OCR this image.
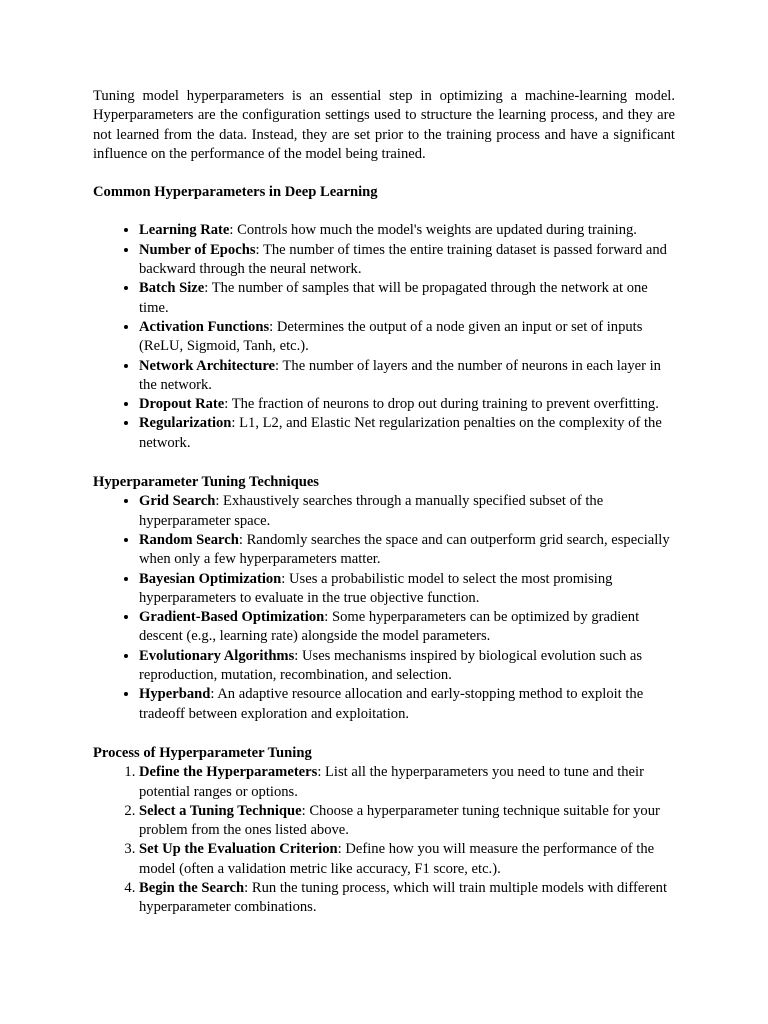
Tuning model hyperparameters is an essential step in optimizing a machine-learning model. Hyperparameters are the configuration settings used to structure the learning process, and they are not learned from the data. Instead, they are set prior to the training process and have a significant influence on the performance of the model being trained.

Common Hyperparameters in Deep Learning

• Learning Rate: Controls how much the model's weights are updated during training.
• Number of Epochs: The number of times the entire training dataset is passed forward and backward through the neural network.
• Batch Size: The number of samples that will be propagated through the network at one time.
• Activation Functions: Determines the output of a node given an input or set of inputs (ReLU, Sigmoid, Tanh, etc.).
• Network Architecture: The number of layers and the number of neurons in each layer in the network.
• Dropout Rate: The fraction of neurons to drop out during training to prevent overfitting.
• Regularization: L1, L2, and Elastic Net regularization penalties on the complexity of the network.

Hyperparameter Tuning Techniques

• Grid Search: Exhaustively searches through a manually specified subset of the hyperparameter space.
• Random Search: Randomly searches the space and can outperform grid search, especially when only a few hyperparameters matter.
• Bayesian Optimization: Uses a probabilistic model to select the most promising hyperparameters to evaluate in the true objective function.
• Gradient-Based Optimization: Some hyperparameters can be optimized by gradient descent (e.g., learning rate) alongside the model parameters.
• Evolutionary Algorithms: Uses mechanisms inspired by biological evolution such as reproduction, mutation, recombination, and selection.
• Hyperband: An adaptive resource allocation and early-stopping method to exploit the tradeoff between exploration and exploitation.

Process of Hyperparameter Tuning

1. Define the Hyperparameters: List all the hyperparameters you need to tune and their potential ranges or options.
2. Select a Tuning Technique: Choose a hyperparameter tuning technique suitable for your problem from the ones listed above.
3. Set Up the Evaluation Criterion: Define how you will measure the performance of the model (often a validation metric like accuracy, F1 score, etc.).
4. Begin the Search: Run the tuning process, which will train multiple models with different hyperparameter combinations.
